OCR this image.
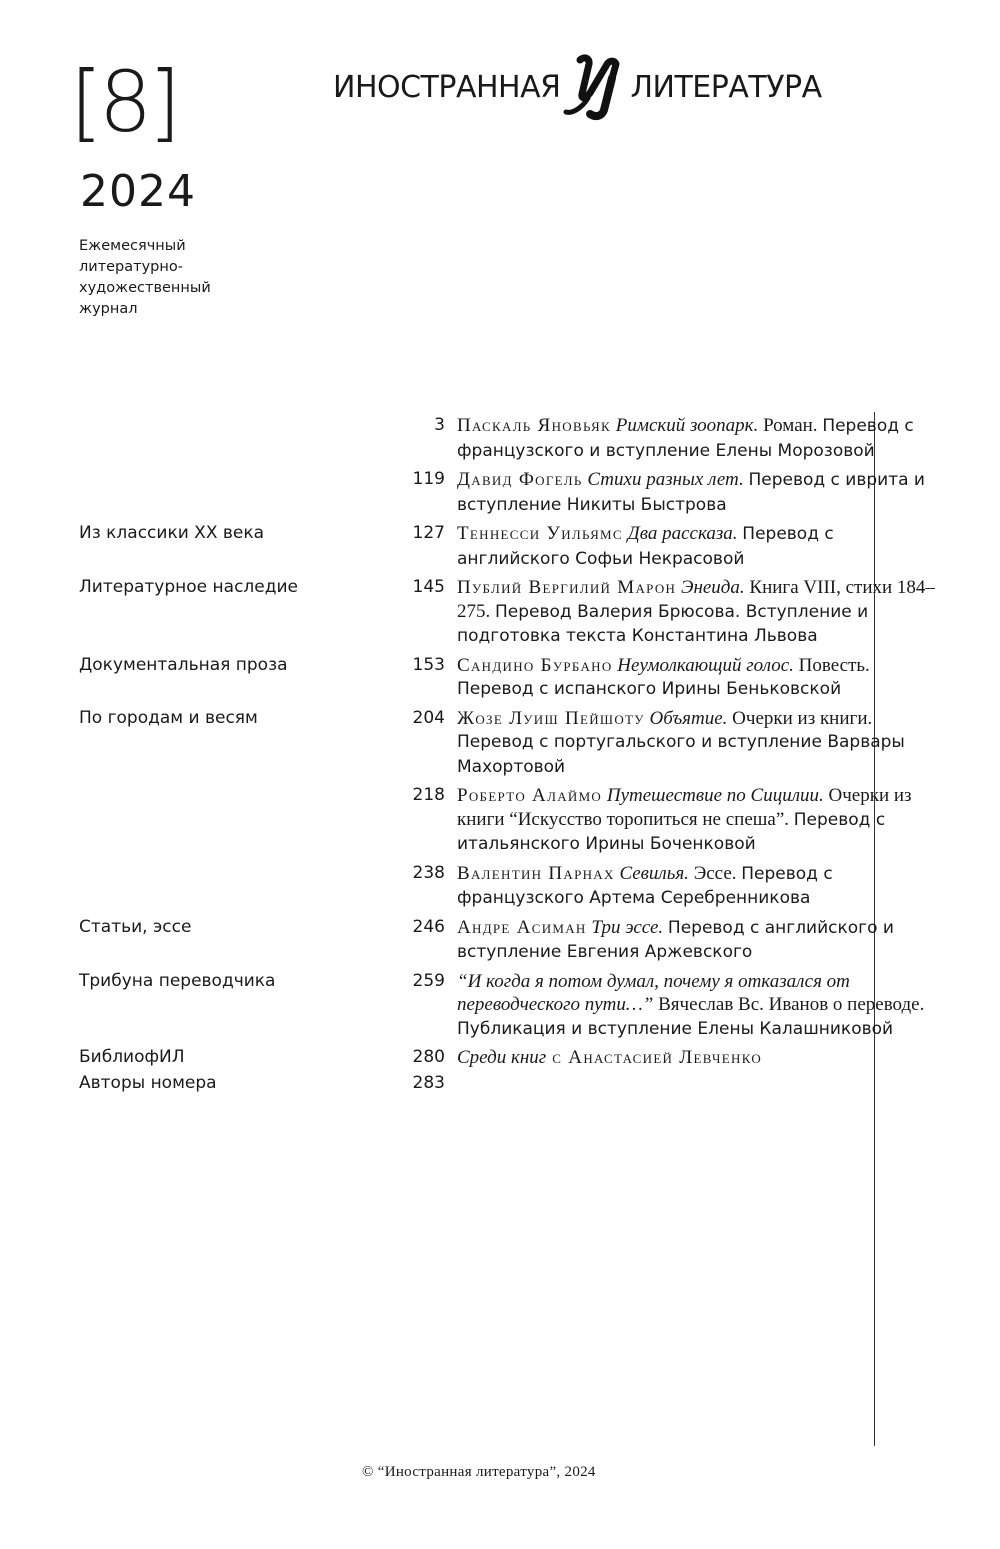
ИНОСТРАННАЯ ЛИТЕРАТУРА
[8]
2024
Ежемесячный
литературно-
художественный
журнал
3 Паскаль Яновьяк Римский зоопарк. Роман. Перевод с французского и вступление Елены Морозовой
119 Давид Фогель Стихи разных лет. Перевод с иврита и вступление Никиты Быстрова
Из классики XX века	127 Теннесси Уильямс Два рассказа. Перевод с английского Софьи Некрасовой
Литературное наследие	145 Публий Вергилий Марон Энеида. Книга VIII, стихи 184–275. Перевод Валерия Брюсова. Вступление и подготовка текста Константина Львова
Документальная проза	153 Сандино Бурбано Неумолкающий голос. Повесть. Перевод с испанского Ирины Беньковской
По городам и весям	204 Жозе Луиш Пейшоту Объятие. Очерки из книги. Перевод с португальского и вступление Варвары Махортовой
218 Роберто Алаймо Путешествие по Сицилии. Очерки из книги “Искусство торопиться не спеша”. Перевод с итальянского Ирины Боченковой
238 Валентин Парнах Севилья. Эссе. Перевод с французского Артема Серебренникова
Статьи, эссе	246 Андре Асиман Три эссе. Перевод с английского и вступление Евгения Аржевского
Трибуна переводчика	259 “И когда я потом думал, почему я отказался от переводческого пути…” Вячеслав Вс. Иванов о переводе. Публикация и вступление Елены Калашниковой
БиблиофИЛ	280 Среди книг с Анастасией Левченко
Авторы номера	283
© “Иностранная литература”, 2024
